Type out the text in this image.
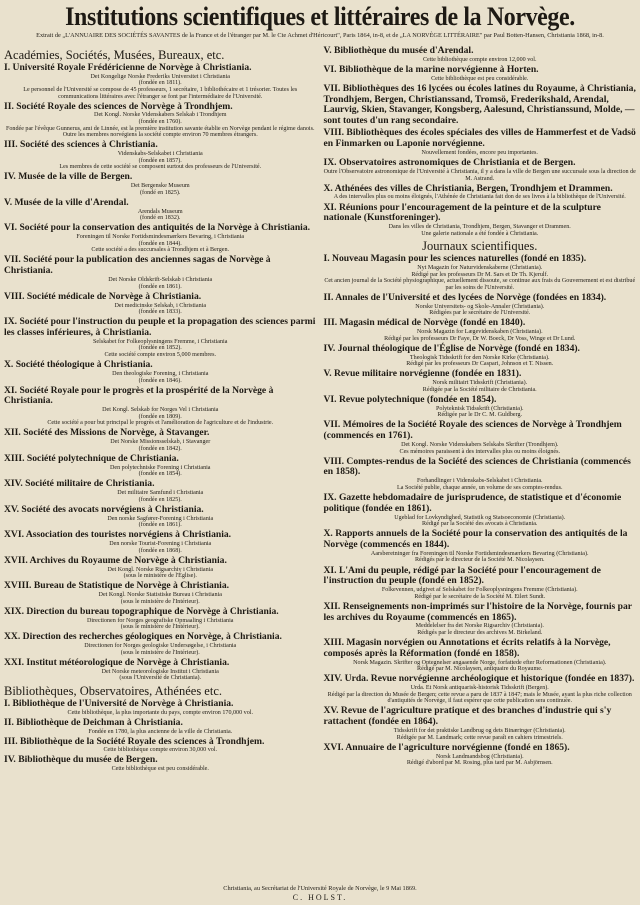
Institutions scientifiques et littéraires de la Norvège.
Extrait de „L'ANNUAIRE DES SOCIÉTÉS SAVANTES de la France et de l'étranger par M. le Cte Achmet d'Héricourt", Paris 1864, in-8, et de „LA NORVÈGE LITTÉRAIRE" par Paul Botten-Hansen, Christiania 1868, in-8.
Académies, Sociétés, Musées, Bureaux, etc.
I. Université Royale Frédéricienne de Norvège à Christiania.
Det Kongelige Norske Frederiks Universitet i Christiania
(fondée en 1811).
Le personnel de l'Université se compose de 45 professeurs, 1 secrétaire, 1 bibliothécaire et 1 trésorier. Toutes les communications littéraires avec l'étranger se font par l'intermédiaire de l'Université.
II. Société Royale des sciences de Norvège à Trondhjem.
Det Kongl. Norske Videnskabers Selskab i Trondhjem
(fondée en 1760).
Fondée par l'évêque Gunnerus, ami de Linnée, est la première institution savante établie en Norvège pendant le régime danois. Outre les membres norvégiens la société compte environ 70 membres étrangers.
III. Société des sciences à Christiania.
Videnskabs-Selskabet i Christiania
(fondée en 1857).
Les membres de cette société se composent surtout des professeurs de l'Université.
IV. Musée de la ville de Bergen.
Det Bergenske Museum
(fondé en 1825).
V. Musée de la ville d'Arendal.
Arendals Museum
(fondé en 1832).
VI. Société pour la conservation des antiquités de la Norvège à Christiania.
Foreningen til Norske Fortidsmindesmærkers Bevaring, i Christiania
(fondée en 1844).
Cette société a des succursales à Trondhjem et à Bergen.
VII. Société pour la publication des anciennes sagas de Norvège à Christiania.
Det Norske Oldskrift-Selskab i Christiania
(fondée en 1861).
VIII. Société médicale de Norvège à Christiania.
Det medicinske Selskab, i Christiania
(fondée en 1833).
IX. Société pour l'instruction du peuple et la propagation des sciences parmi les classes inférieures, à Christiania.
Selskabet for Folkeoplysningens Fremme, i Christiania
(fondée en 1852).
Cette société compte environ 5,000 membres.
X. Société théologique à Christiania.
Den theologiske Forening, i Christiania
(fondée en 1846).
XI. Société Royale pour le progrès et la prospérité de la Norvège à Christiania.
Det Kongl. Selskab for Norges Vel i Christiania
(fondée en 1809).
Cette société a pour but principal le progrès et l'amélioration de l'agriculture et de l'industrie.
XII. Société des Missions de Norvège, à Stavanger.
Det Norske Missionsselskab, i Stavanger
(fondée en 1842).
XIII. Société polytechnique de Christiania.
Den polytechniske Forening i Christiania
(fondée en 1854).
XIV. Société militaire de Christiania.
Det militaire Samfund i Christiania
(fondée en 1825).
XV. Société des avocats norvégiens à Christiania.
Den norske Sagfører-Forening i Christiania
(fondée en 1861).
XVI. Association des touristes norvégiens à Christiania.
Den norske Tourist-Forening i Christiania
(fondée en 1868).
XVII. Archives du Royaume de Norvège à Christiania.
Det Kongl. Norske Rigsarchiv i Christiania
(sous le ministère de l'Église).
XVIII. Bureau de Statistique de Norvège à Christiania.
Det Kongl. Norske Statistiske Bureau i Christiania
(sous le ministère de l'Intérieur).
XIX. Direction du bureau topographique de Norvège à Christiania.
Directionen for Norges geografiske Opmaaling i Christiania
(sous le ministère de l'Intérieur).
XX. Direction des recherches géologiques en Norvège, à Christiania.
Directionen for Norges geologiske Undersøgelse, i Christiania
(sous le ministère de l'Intérieur).
XXI. Institut météorologique de Norvège à Christiania.
Det Norske meteorologiske Institut i Christiania
(sous l'Université de Christiania).
Bibliothèques, Observatoires, Athénées etc.
I. Bibliothèque de l'Université de Norvège à Christiania.
Cette bibliothèque, la plus importante du pays, compte environ 170,000 vol.
II. Bibliothèque de Deichman à Christiania.
Fondée en 1780, la plus ancienne de la ville de Christiania.
III. Bibliothèque de la Société Royale des sciences à Trondhjem.
Cette bibliothèque compte environ 30,000 vol.
IV. Bibliothèque du musée de Bergen.
Cette bibliothèque est peu considérable.
V. Bibliothèque du musée d'Arendal.
Cette bibliothèque compte environ 12,000 vol.
VI. Bibliothèque de la marine norvégienne à Horten.
Cette bibliothèque est peu considérable.
VII. Bibliothèques des 16 lycées ou écoles latines du Royaume, à Christiania, Trondhjem, Bergen, Christianssand, Tromsö, Frederikshald, Arendal, Laurvig, Skien, Stavanger, Kongsberg, Aalesund, Christianssund, Molde, — sont toutes d'un rang secondaire.
VIII. Bibliothèques des écoles spéciales des villes de Hammerfest et de Vadsö en Finmarken ou Laponie norvégienne.
Nouvellement fondées, encore peu importantes.
IX. Observatoires astronomiques de Christiania et de Bergen.
Outre l'Observatoire astronomique de l'Université à Christiania, il y a dans la ville de Bergen une succursale sous la direction de M. Astrand.
X. Athénées des villes de Christiania, Bergen, Trondhjem et Drammen.
A des intervalles plus ou moins éloignés, l'Athénée de Christiania fait don de ses livres à la bibliothèque de l'Université.
XI. Réunions pour l'encouragement de la peinture et de la sculpture nationale (Kunstforeninger).
Dans les villes de Christiania, Trondhjem, Bergen, Stavanger et Drammen.
Une galerie nationale a été fondée à Christiania.
Journaux scientifiques.
I. Nouveau Magasin pour les sciences naturelles (fondé en 1835).
Nyt Magazin for Naturvidenskaberne (Christiania).
Rédigé par les professeurs Dr M. Sars et Dr Th. Kjerulf.
Cet ancien journal de la Société physiographique, actuellement dissoute, se continue aux frais du Gouvernement et est distribué par les soins de l'Université.
II. Annales de l'Université et des lycées de Norvège (fondées en 1834).
Norske Universitets- og Skole-Annaler (Christiania).
Rédigées par le secrétaire de l'Université.
III. Magasin médical de Norvège (fondé en 1840).
Norsk Magazin for Lægevidenskaben (Christiania).
Rédigé par les professeurs Dr Faye, Dr W. Boeck, Dr Voss, Winge et Dr Lund.
IV. Journal théologique de l'Église de Norvège (fondé en 1834).
Theologisk Tidsskrift for den Norske Kirke (Christiania).
Rédigé par les professeurs Dr Caspari, Johnson et T. Nissen.
V. Revue militaire norvégienne (fondée en 1831).
Norsk militairt Tidsskrift (Christiania).
Rédigée par la Société militaire de Christiania.
VI. Revue polytechnique (fondée en 1854).
Polyteknisk Tidsskrift (Christiania).
Rédigée par le Dr C. M. Guldberg.
VII. Mémoires de la Société Royale des sciences de Norvège à Trondhjem (commencés en 1761).
Det Kongl. Norske Videnskabers Selskabs Skrifter (Trondhjem).
Ces mémoires paraissent à des intervalles plus ou moins éloignés.
VIII. Comptes-rendus de la Société des sciences de Christiania (commencés en 1858).
Forhandlinger i Videnskabs-Selskabet i Christiania.
La Société publie, chaque année, un volume de ses comptes-rendus.
IX. Gazette hebdomadaire de jurisprudence, de statistique et d'économie politique (fondée en 1861).
Ugeblad for Lovkyndighed, Statistik og Statsoeconomie (Christiania).
Rédigé par la Société des avocats à Christiania.
X. Rapports annuels de la Société pour la conservation des antiquités de la Norvège (commencés en 1844).
Aarsberetninger fra Foreningen til Norske Fortidsmindesmærkers Bevaring (Christiania).
Rédigés par le directeur de la Société M. Nicolaysen.
XI. L'Ami du peuple, rédigé par la Société pour l'encouragement de l'instruction du peuple (fondé en 1852).
Folkevennen, udgivet af Selskabet for Folkeoplysningens Fremme (Christiania).
Rédigé par le secrétaire de la Société M. Eilert Sundt.
XII. Renseignements non-imprimés sur l'histoire de la Norvège, fournis par les archives du Royaume (commencés en 1865).
Meddelelser fra det Norske Rigsarchiv (Christiania).
Rédigés par le directeur des archives M. Birkeland.
XIII. Magasin norvégien ou Annotations et écrits relatifs à la Norvège, composés après la Réformation (fondé en 1858).
Norsk Magazin. Skrifter og Optegnelser angaaende Norge, forfattede efter Reformationen (Christiania).
Rédigé par M. Nicolaysen, antiquaire du Royaume.
XIV. Urda. Revue norvégienne archéologique et historique (fondée en 1837).
Urda. Et Norsk antiquarisk-historisk Tidsskrift (Bergen).
Rédigé par la direction du Musée de Bergen; cette revue a paru de 1837 à 1847; mais le Musée, ayant la plus riche collection d'antiquités de Norvège, il faut espérer que cette publication sera continuée.
XV. Revue de l'agriculture pratique et des branches d'industrie qui s'y rattachent (fondée en 1864).
Tidsskrift for det praktiske Landbrug og dets Binæringer (Christiania).
Rédigée par M. Landmark; cette revue paraît en cahiers trimestriels.
XVI. Annuaire de l'agriculture norvégienne (fondé en 1865).
Norsk Landmandsbog (Christiania).
Rédigé d'abord par M. Rosing, plus tard par M. Asbjörnsen.
Christiania, au Secrétariat de l'Université Royale de Norvège, le 9 Mai 1869.
C. HOLST.
